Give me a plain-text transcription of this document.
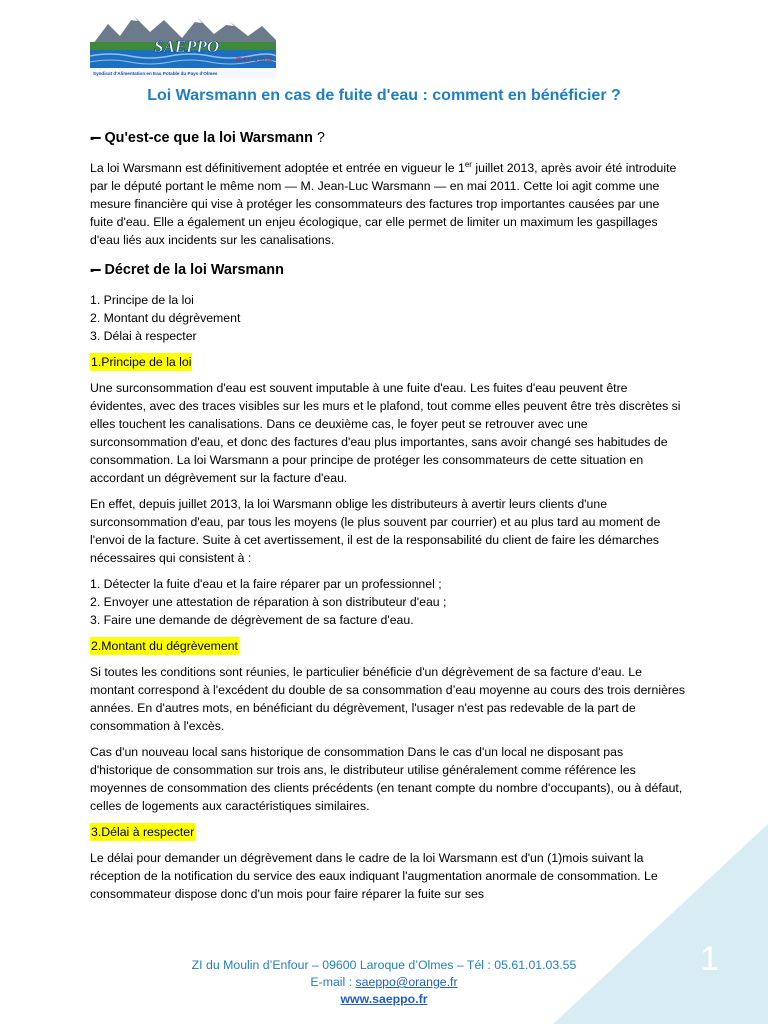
SAEPPO
05 61 01 03 55
Syndicat d'Alimentation en Eau Potable du Pays d'Olmes
Loi Warsmann en cas de fuite d'eau : comment en bénéficier ?
▪━ Qu'est-ce que la loi Warsmann ?

La loi Warsmann est définitivement adoptée et entrée en vigueur le 1er juillet 2013, après avoir été introduite par le député portant le même nom — M. Jean-Luc Warsmann — en mai 2011. Cette loi agit comme une mesure financière qui vise à protéger les consommateurs des factures trop importantes causées par une fuite d'eau. Elle a également un enjeu écologique, car elle permet de limiter un maximum les gaspillages d'eau liés aux incidents sur les canalisations.

▪━ Décret de la loi Warsmann
1. Principe de la loi
2. Montant du dégrèvement
3. Délai à respecter

1.Principe de la loi

Une surconsommation d'eau est souvent imputable à une fuite d'eau. Les fuites d'eau peuvent être évidentes, avec des traces visibles sur les murs et le plafond, tout comme elles peuvent être très discrètes si elles touchent les canalisations. Dans ce deuxième cas, le foyer peut se retrouver avec une surconsommation d'eau, et donc des factures d'eau plus importantes, sans avoir changé ses habitudes de consommation. La loi Warsmann a pour principe de protéger les consommateurs de cette situation en accordant un dégrèvement sur la facture d'eau.

En effet, depuis juillet 2013, la loi Warsmann oblige les distributeurs à avertir leurs clients d'une surconsommation d'eau, par tous les moyens (le plus souvent par courrier) et au plus tard au moment de l'envoi de la facture. Suite à cet avertissement, il est de la responsabilité du client de faire les démarches nécessaires qui consistent à :

1. Détecter la fuite d'eau et la faire réparer par un professionnel ;
2. Envoyer une attestation de réparation à son distributeur d'eau ;
3. Faire une demande de dégrèvement de sa facture d'eau.

2.Montant du dégrèvement

Si toutes les conditions sont réunies, le particulier bénéficie d'un dégrèvement de sa facture d’eau. Le montant correspond à l'excédent du double de sa consommation d’eau moyenne au cours des trois dernières années. En d'autres mots, en bénéficiant du dégrèvement, l'usager n'est pas redevable de la part de consommation à l'excès.

Cas d'un nouveau local sans historique de consommation Dans le cas d'un local ne disposant pas d'historique de consommation sur trois ans, le distributeur utilise généralement comme référence les moyennes de consommation des clients précédents (en tenant compte du nombre d'occupants), ou à défaut, celles de logements aux caractéristiques similaires.

3.Délai à respecter

Le délai pour demander un dégrèvement dans le cadre de la loi Warsmann est d'un (1)mois suivant la réception de la notification du service des eaux indiquant l'augmentation anormale de consommation. Le consommateur dispose donc d'un mois pour faire réparer la fuite sur ses

ZI du Moulin d’Enfour – 09600 Laroque d’Olmes – Tél : 05.61.01.03.55
E-mail : saeppo@orange.fr
www.saeppo.fr
1
